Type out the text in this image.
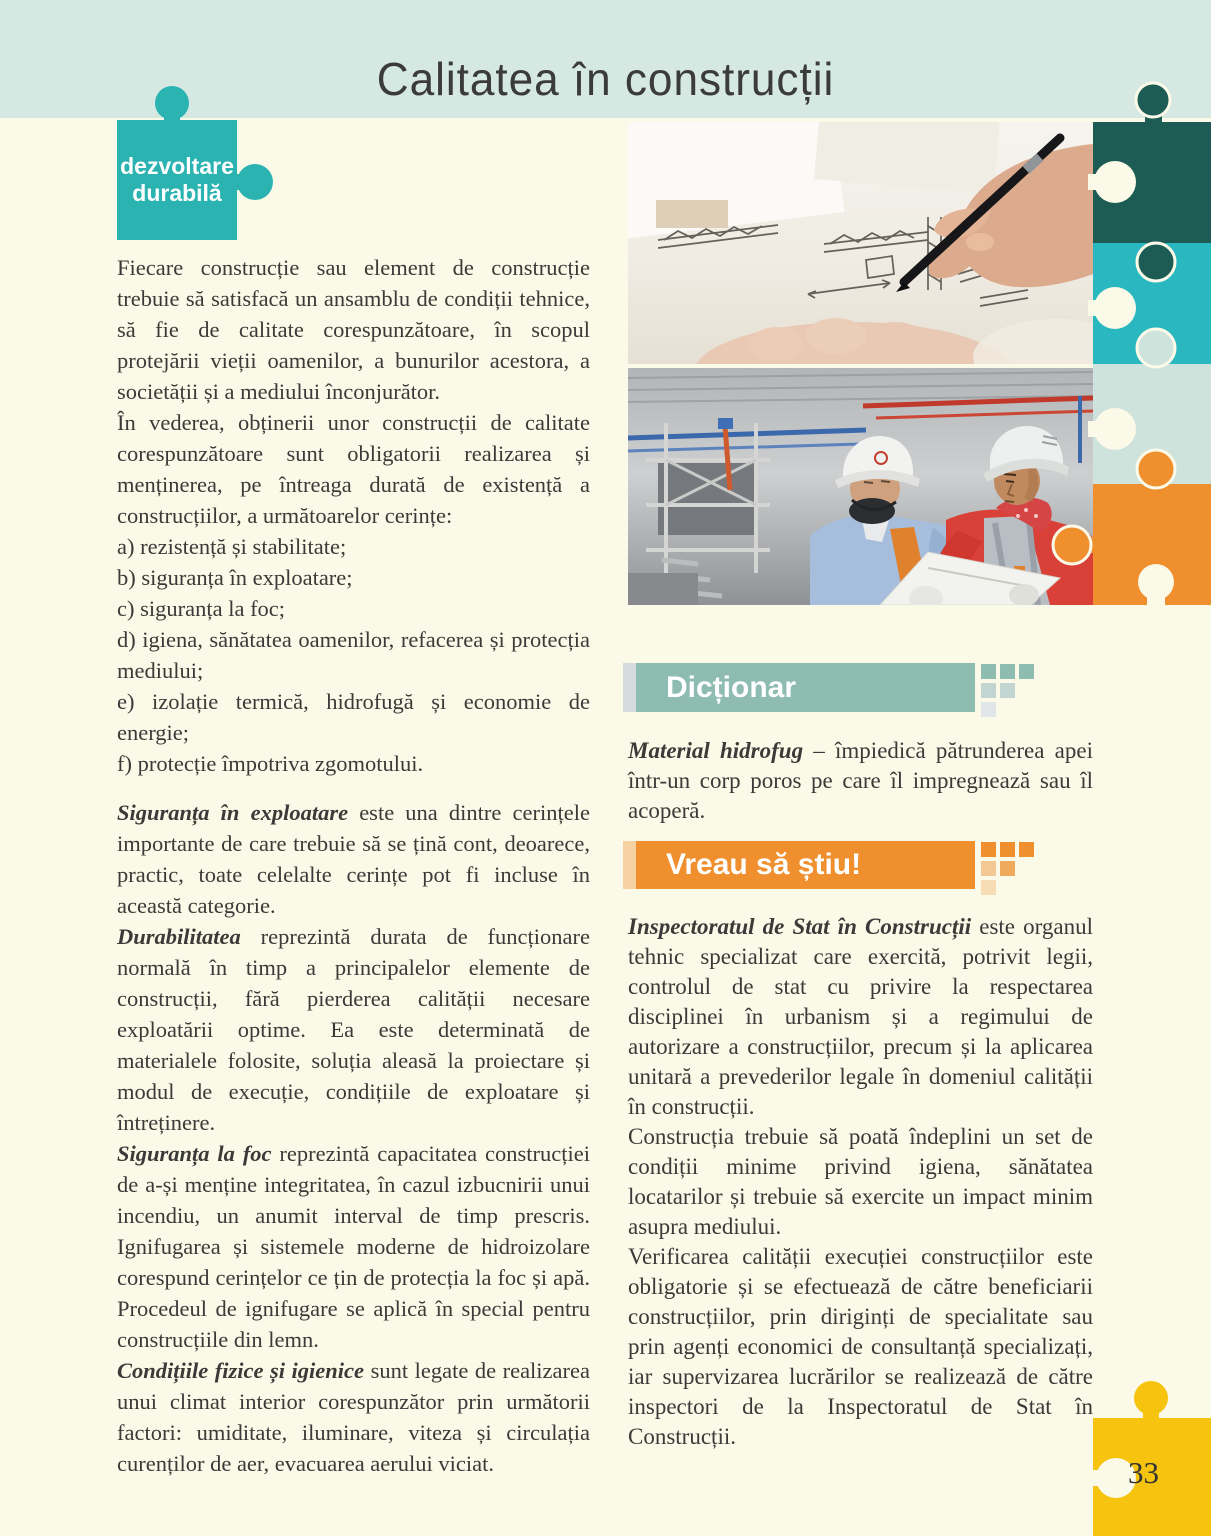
Calitatea în construcții
dezvoltare
durabilă

Fiecare construcție sau element de construcție trebuie să satisfacă un ansamblu de condiții tehnice, să fie de calitate corespunzătoare, în scopul protejării vieții oamenilor, a bunurilor acestora, a societății și a mediului înconjurător.

În vederea, obținerii unor construcții de calitate corespunzătoare sunt obligatorii realizarea și menținerea, pe întreaga durată de existență a construcțiilor, a următoarelor cerințe:

a) rezistență și stabilitate;

b) siguranța în exploatare;

c) siguranța la foc;

d) igiena, sănătatea oamenilor, refacerea și protecția mediului;

e) izolație termică, hidrofugă și economie de energie;

f) protecție împotriva zgomotului.

Siguranța în exploatare este una dintre cerințele importante de care trebuie să se țină cont, deoarece, practic, toate celelalte cerințe pot fi incluse în această categorie.

Durabilitatea reprezintă durata de funcționare normală în timp a principalelor elemente de construcții, fără pierderea calității necesare exploatării optime. Ea este determinată de materialele folosite, soluția aleasă la proiectare și modul de execuție, condițiile de exploatare și întreținere.

Siguranța la foc reprezintă capacitatea construcției de a-și menține integritatea, în cazul izbucnirii unui incendiu, un anumit interval de timp prescris. Ignifugarea și sistemele moderne de hidroizolare corespund cerințelor ce țin de protecția la foc și apă. Procedeul de ignifugare se aplică în special pentru construcțiile din lemn.

Condițiile fizice și igienice sunt legate de realizarea unui climat interior corespunzător prin următorii factori: umiditate, iluminare, viteza și circulația curenților de aer, evacuarea aerului viciat.

Dicționar

Material hidrofug – împiedică pătrunderea apei într-un corp poros pe care îl impregnează sau îl acoperă.

Vreau să știu!

Inspectoratul de Stat în Construcții este organul tehnic specializat care exercită, potrivit legii, controlul de stat cu privire la respectarea disciplinei în urbanism și a regimului de autorizare a construcțiilor, precum și la aplicarea unitară a prevederilor legale în domeniul calității în construcții.

Construcția trebuie să poată îndeplini un set de condiții minime privind igiena, sănătatea locatarilor și trebuie să exercite un impact minim asupra mediului.

Verificarea calității execuției construcțiilor este obligatorie și se efectuează de către beneficiarii construcțiilor, prin diriginți de specialitate sau prin agenți economici de consultanță specializați, iar supervizarea lucrărilor se realizează de către inspectori de la Inspectoratul de Stat în Construcții.

33
